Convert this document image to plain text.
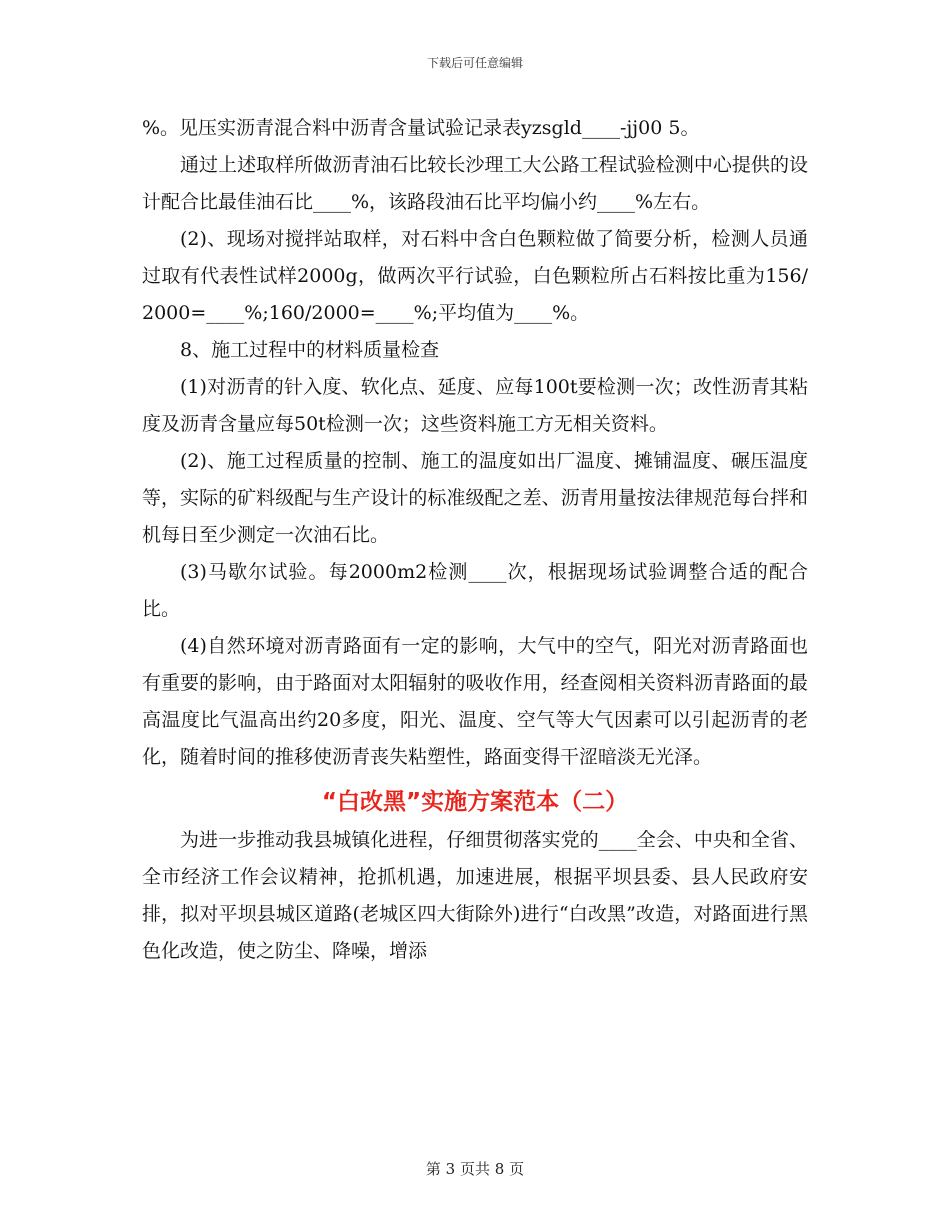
下载后可任意编辑

%。见压实沥青混合料中沥青含量试验记录表yzsgld____-jj00 5。

通过上述取样所做沥青油石比较长沙理工大公路工程试验检测中心提供的设计配合比最佳油石比____%，该路段油石比平均偏小约____%左右。

(2)、现场对搅拌站取样，对石料中含白色颗粒做了简要分析，检测人员通过取有代表性试样2000g，做两次平行试验，白色颗粒所占石料按比重为156/2000=____%;160/2000=____%;平均值为____%。

8、施工过程中的材料质量检查

(1)对沥青的针入度、软化点、延度、应每100t要检测一次；改性沥青其粘度及沥青含量应每50t检测一次；这些资料施工方无相关资料。

(2)、施工过程质量的控制、施工的温度如出厂温度、摊铺温度、碾压温度等，实际的矿料级配与生产设计的标准级配之差、沥青用量按法律规范每台拌和机每日至少测定一次油石比。

(3)马歇尔试验。每2000m2检测____次，根据现场试验调整合适的配合比。

(4)自然环境对沥青路面有一定的影响，大气中的空气，阳光对沥青路面也有重要的影响，由于路面对太阳辐射的吸收作用，经查阅相关资料沥青路面的最高温度比气温高出约20多度，阳光、温度、空气等大气因素可以引起沥青的老化，随着时间的推移使沥青丧失粘塑性，路面变得干涩暗淡无光泽。

“白改黑”实施方案范本（二）

为进一步推动我县城镇化进程，仔细贯彻落实党的____全会、中央和全省、全市经济工作会议精神，抢抓机遇，加速进展，根据平坝县委、县人民政府安排，拟对平坝县城区道路(老城区四大街除外)进行“白改黑”改造，对路面进行黑色化改造，使之防尘、降噪，增添

第 3 页共 8 页
